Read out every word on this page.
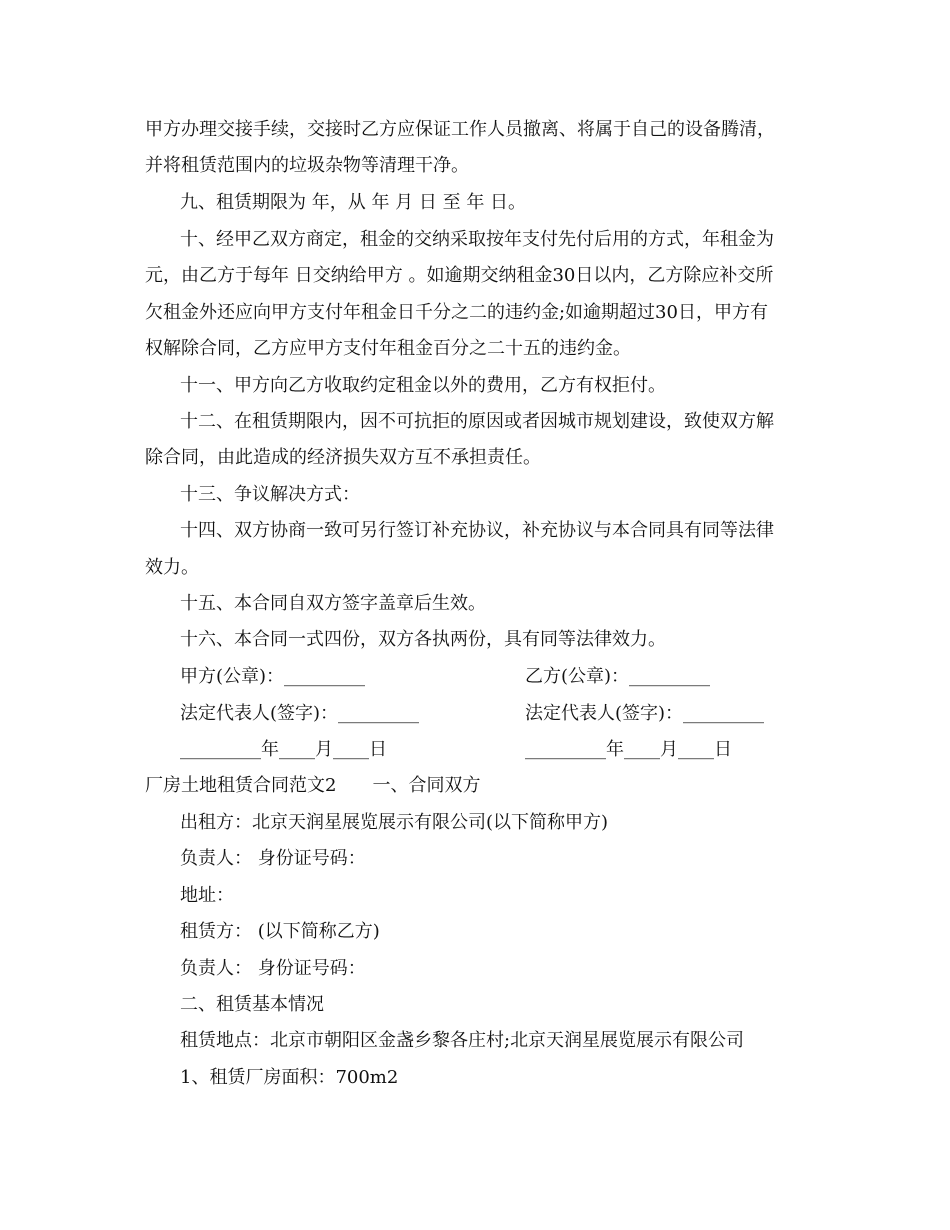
甲方办理交接手续，交接时乙方应保证工作人员撤离、将属于自己的设备腾清，
并将租赁范围内的垃圾杂物等清理干净。
九、租赁期限为 年，从 年 月 日 至 年 日。
十、经甲乙双方商定，租金的交纳采取按年支付先付后用的方式，年租金为
元，由乙方于每年 日交纳给甲方 。如逾期交纳租金30日以内，乙方除应补交所
欠租金外还应向甲方支付年租金日千分之二的违约金;如逾期超过30日，甲方有
权解除合同，乙方应甲方支付年租金百分之二十五的违约金。
十一、甲方向乙方收取约定租金以外的费用，乙方有权拒付。
十二、在租赁期限内，因不可抗拒的原因或者因城市规划建设，致使双方解
除合同，由此造成的经济损失双方互不承担责任。
十三、争议解决方式：
十四、双方协商一致可另行签订补充协议，补充协议与本合同具有同等法律
效力。
十五、本合同自双方签字盖章后生效。
十六、本合同一式四份，双方各执两份，具有同等法律效力。
甲方(公章)：_________	乙方(公章)：_________
法定代表人(签字)：_________	法定代表人(签字)：_________
_________年____月____日	_________年____月____日
厂房土地租赁合同范文2　　一、合同双方
出租方：北京天润星展览展示有限公司(以下简称甲方)
负责人： 身份证号码：
地址：
租赁方： (以下简称乙方)
负责人： 身份证号码：
二、租赁基本情况
租赁地点：北京市朝阳区金盏乡黎各庄村;北京天润星展览展示有限公司
1、租赁厂房面积：700m2
